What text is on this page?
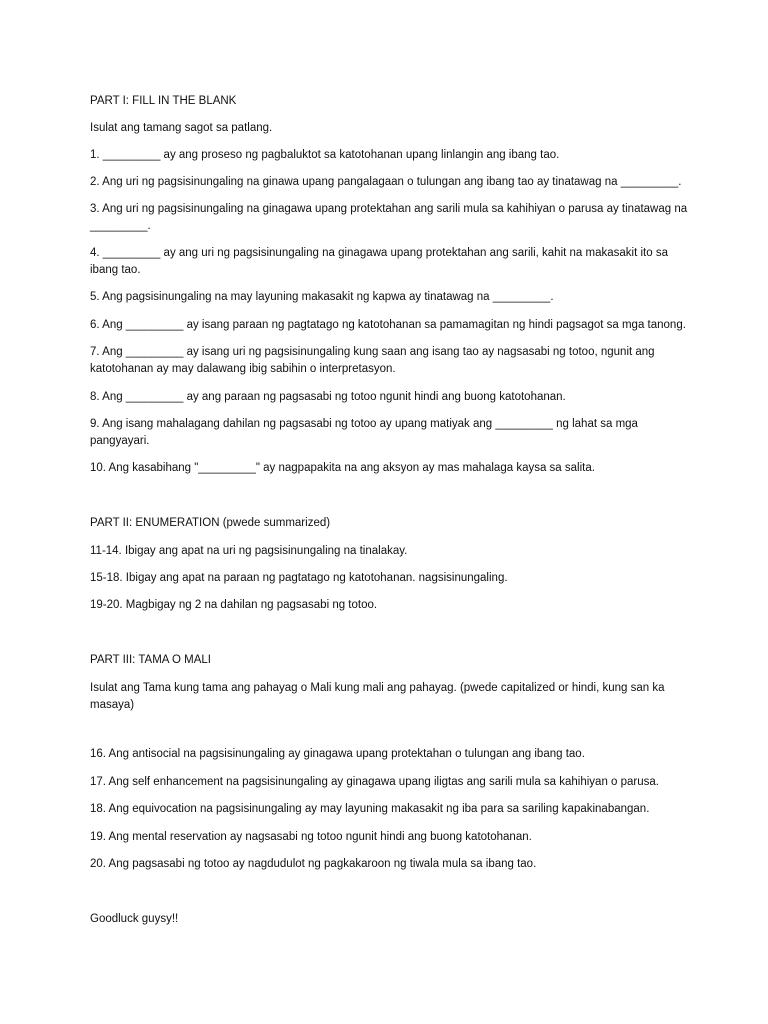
PART I: FILL IN THE BLANK
Isulat ang tamang sagot sa patlang.
1. _________ ay ang proseso ng pagbaluktot sa katotohanan upang linlangin ang ibang tao.
2. Ang uri ng pagsisinungaling na ginawa upang pangalagaan o tulungan ang ibang tao ay tinatawag na _________.
3. Ang uri ng pagsisinungaling na ginagawa upang protektahan ang sarili mula sa kahihiyan o parusa ay tinatawag na _________.
4. _________ ay ang uri ng pagsisinungaling na ginagawa upang protektahan ang sarili, kahit na makasakit ito sa ibang tao.
5. Ang pagsisinungaling na may layuning makasakit ng kapwa ay tinatawag na _________.
6. Ang _________ ay isang paraan ng pagtatago ng katotohanan sa pamamagitan ng hindi pagsagot sa mga tanong.
7. Ang _________ ay isang uri ng pagsisinungaling kung saan ang isang tao ay nagsasabi ng totoo, ngunit ang katotohanan ay may dalawang ibig sabihin o interpretasyon.
8. Ang _________ ay ang paraan ng pagsasabi ng totoo ngunit hindi ang buong katotohanan.
9. Ang isang mahalagang dahilan ng pagsasabi ng totoo ay upang matiyak ang _________ ng lahat sa mga pangyayari.
10. Ang kasabihang "_________" ay nagpapakita na ang aksyon ay mas mahalaga kaysa sa salita.
PART II: ENUMERATION (pwede summarized)
11-14. Ibigay ang apat na uri ng pagsisinungaling na tinalakay.
15-18. Ibigay ang apat na paraan ng pagtatago ng katotohanan. nagsisinungaling.
19-20. Magbigay ng 2 na dahilan ng pagsasabi ng totoo.
PART III: TAMA O MALI
Isulat ang Tama kung tama ang pahayag o Mali kung mali ang pahayag. (pwede capitalized or hindi, kung san ka masaya)
16. Ang antisocial na pagsisinungaling ay ginagawa upang protektahan o tulungan ang ibang tao.
17. Ang self enhancement na pagsisinungaling ay ginagawa upang iligtas ang sarili mula sa kahihiyan o parusa.
18. Ang equivocation na pagsisinungaling ay may layuning makasakit ng iba para sa sariling kapakinabangan.
19. Ang mental reservation ay nagsasabi ng totoo ngunit hindi ang buong katotohanan.
20. Ang pagsasabi ng totoo ay nagdudulot ng pagkakaroon ng tiwala mula sa ibang tao.
Goodluck guysy!!
